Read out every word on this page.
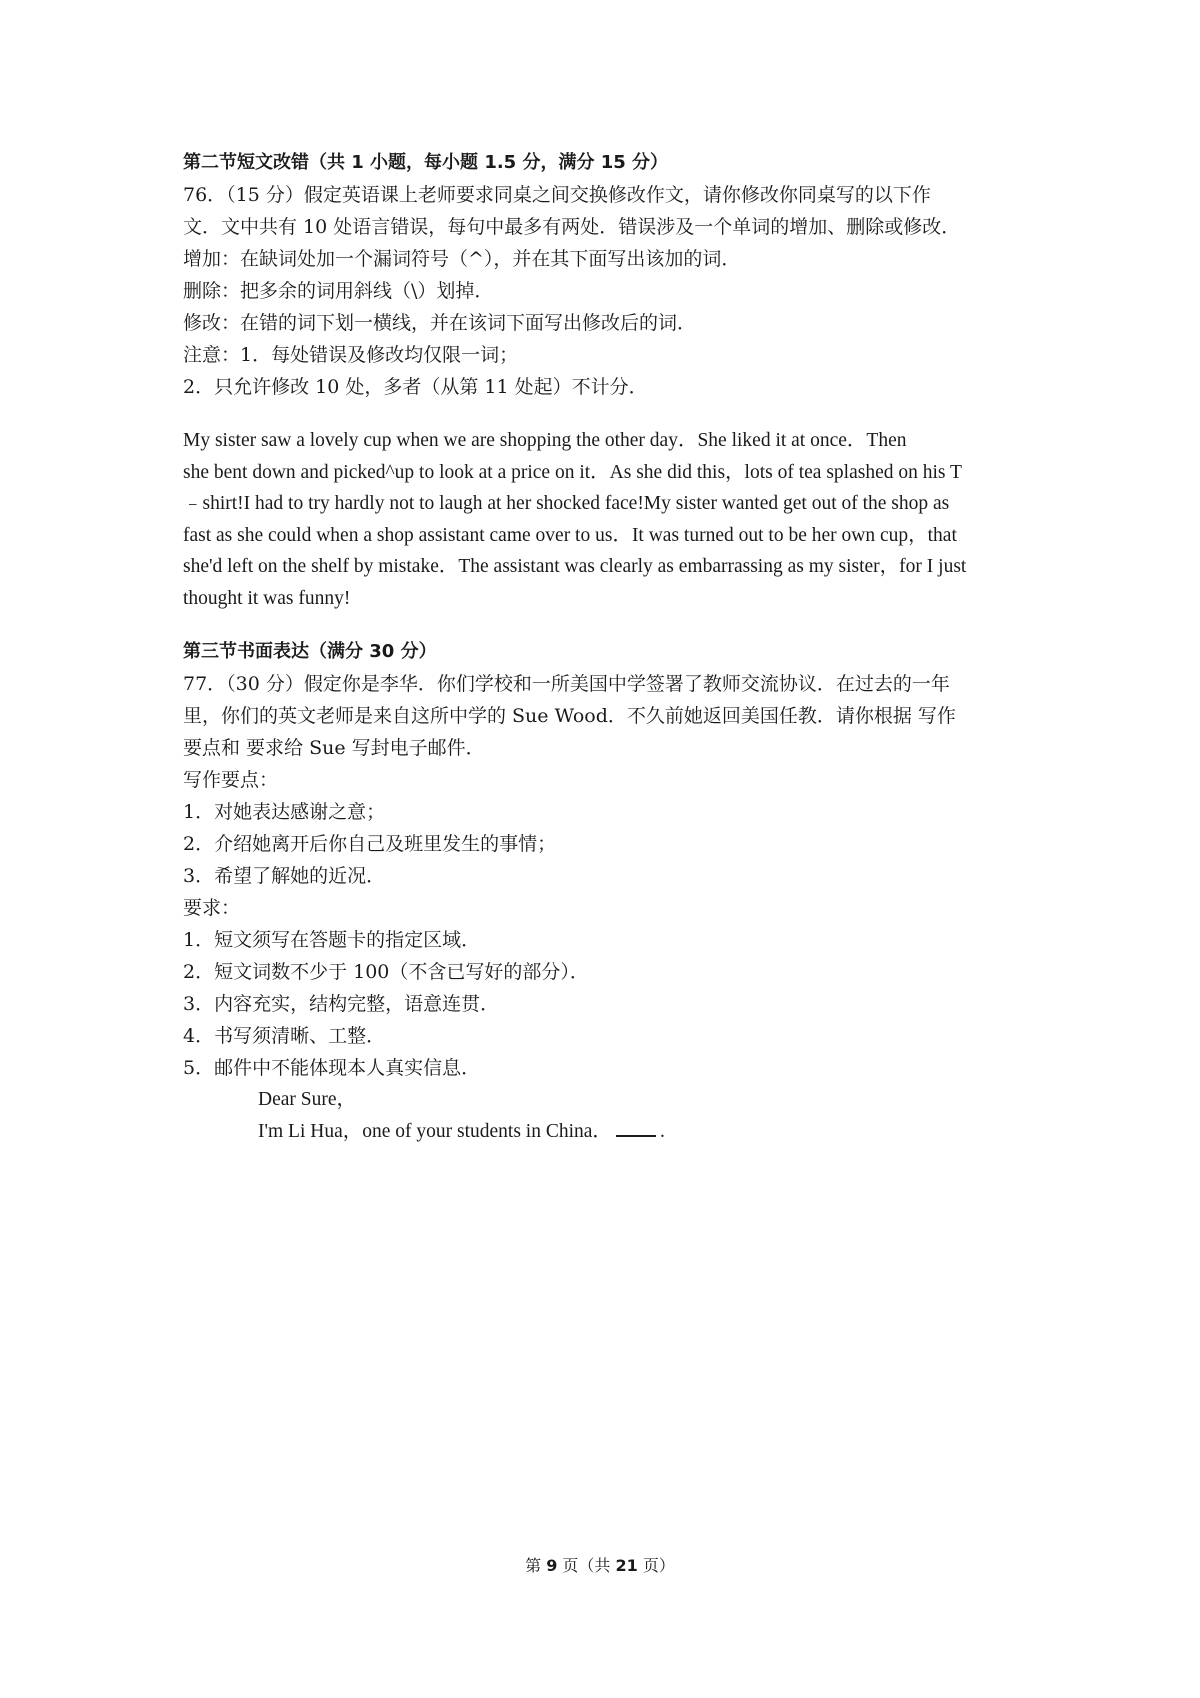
第二节短文改错（共 1 小题，每小题 1.5 分，满分 15 分）

76．（15 分）假定英语课上老师要求同桌之间交换修改作文，请你修改你同桌写的以下作

文．文中共有 10 处语言错误，每句中最多有两处．错误涉及一个单词的增加、删除或修改．

增加：在缺词处加一个漏词符号（^），并在其下面写出该加的词．

删除：把多余的词用斜线（\）划掉．

修改：在错的词下划一横线，并在该词下面写出修改后的词．

注意：1．每处错误及修改均仅限一词；

2．只允许修改 10 处，多者（从第 11 处起）不计分．

My sister saw a lovely cup when we are shopping the other day．She liked it at once．Then

she bent down and picked^up to look at a price on it．As she did this，lots of tea splashed on his T

﹣shirt!I had to try hardly not to laugh at her shocked face!My sister wanted get out of the shop as

fast as she could when a shop assistant came over to us．It was turned out to be her own cup，that

she'd left on the shelf by mistake．The assistant was clearly as embarrassing as my sister，for I just

thought it was funny!

第三节书面表达（满分 30 分）

77．（30 分）假定你是李华．你们学校和一所美国中学签署了教师交流协议．在过去的一年

里，你们的英文老师是来自这所中学的 Sue Wood．不久前她返回美国任教．请你根据 写作

要点和 要求给 Sue 写封电子邮件．

写作要点：

1．对她表达感谢之意；

2．介绍她离开后你自己及班里发生的事情；

3．希望了解她的近况．

要求：

1．短文须写在答题卡的指定区域．

2．短文词数不少于 100（不含已写好的部分）．

3．内容充实，结构完整，语意连贯．

4．书写须清晰、工整．

5．邮件中不能体现本人真实信息．

Dear Sure，

I'm Li Hua，one of your students in China． .

第 9 页（共 21 页）
